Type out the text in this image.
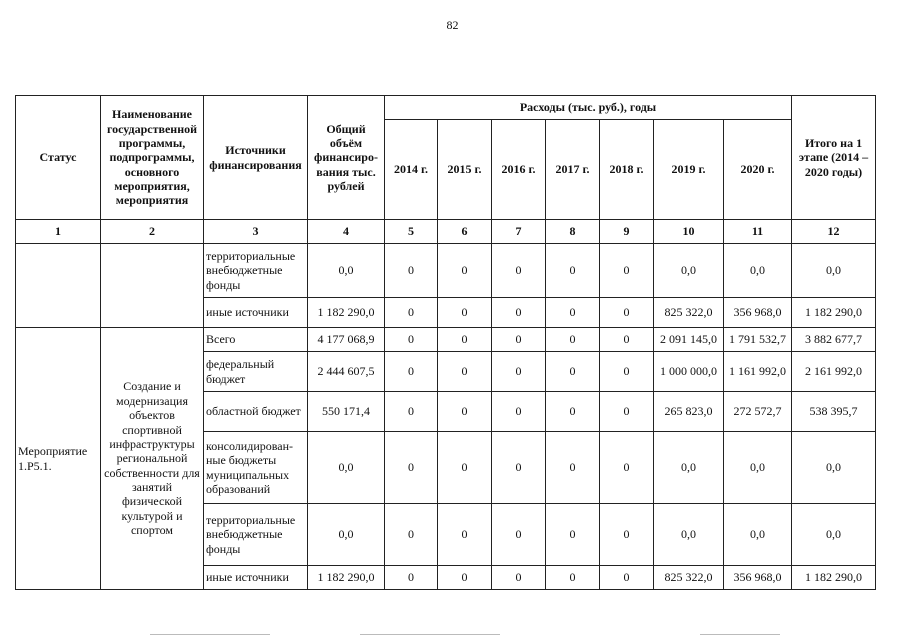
82
Статус	Наименование государственной программы, подпрограммы, основного мероприятия, мероприятия	Источники финансирования	Общий объём финансиро-вания тыс. рублей	Расходы (тыс. руб.), годы							Итого на 1 этапе (2014 – 2020 годы)
				2014 г.	2015 г.	2016 г.	2017 г.	2018 г.	2019 г.	2020 г.	
1	2	3	4	5	6	7	8	9	10	11	12
		территориальные внебюджетные фонды	0,0	0	0	0	0	0	0,0	0,0	0,0
		иные источники	1 182 290,0	0	0	0	0	0	825 322,0	356 968,0	1 182 290,0
Мероприятие 1.Р5.1.	Создание и модернизация объектов спортивной инфраструктуры региональной собственности для занятий физической культурой и спортом	Всего	4 177 068,9	0	0	0	0	0	2 091 145,0	1 791 532,7	3 882 677,7
		федеральный бюджет	2 444 607,5	0	0	0	0	0	1 000 000,0	1 161 992,0	2 161 992,0
		областной бюджет	550 171,4	0	0	0	0	0	265 823,0	272 572,7	538 395,7
		консолидирован-ные бюджеты муниципальных образований	0,0	0	0	0	0	0	0,0	0,0	0,0
		территориальные внебюджетные фонды	0,0	0	0	0	0	0	0,0	0,0	0,0
		иные источники	1 182 290,0	0	0	0	0	0	825 322,0	356 968,0	1 182 290,0
